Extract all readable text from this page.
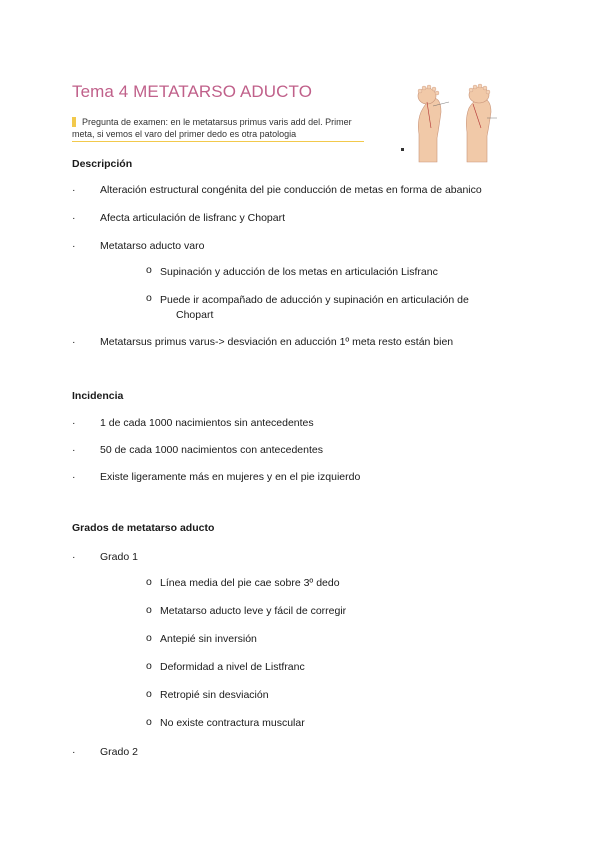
Tema 4 METATARSO ADUCTO
Pregunta de examen: en le metatarsus primus varis add del. Primer meta, si vemos el varo del primer dedo es otra patologia
Descripción
· Alteración estructural congénita del pie conducción de metas en forma de abanico
· Afecta articulación de lisfranc y Chopart
· Metatarso aducto varo
o Supinación y aducción de los metas en articulación Lisfranc
o Puede ir acompañado de aducción y supinación en articulación de
Chopart
· Metatarsus primus varus-> desviación en aducción 1º meta resto están bien
Incidencia
· 1 de cada 1000 nacimientos sin antecedentes
· 50 de cada 1000 nacimientos con antecedentes
· Existe ligeramente más en mujeres y en el pie izquierdo
Grados de metatarso aducto
· Grado 1
o Línea media del pie cae sobre 3º dedo
o Metatarso aducto leve y fácil de corregir
o Antepié sin inversión
o Deformidad a nivel de Listfranc
o Retropié sin desviación
o No existe contractura muscular
· Grado 2
